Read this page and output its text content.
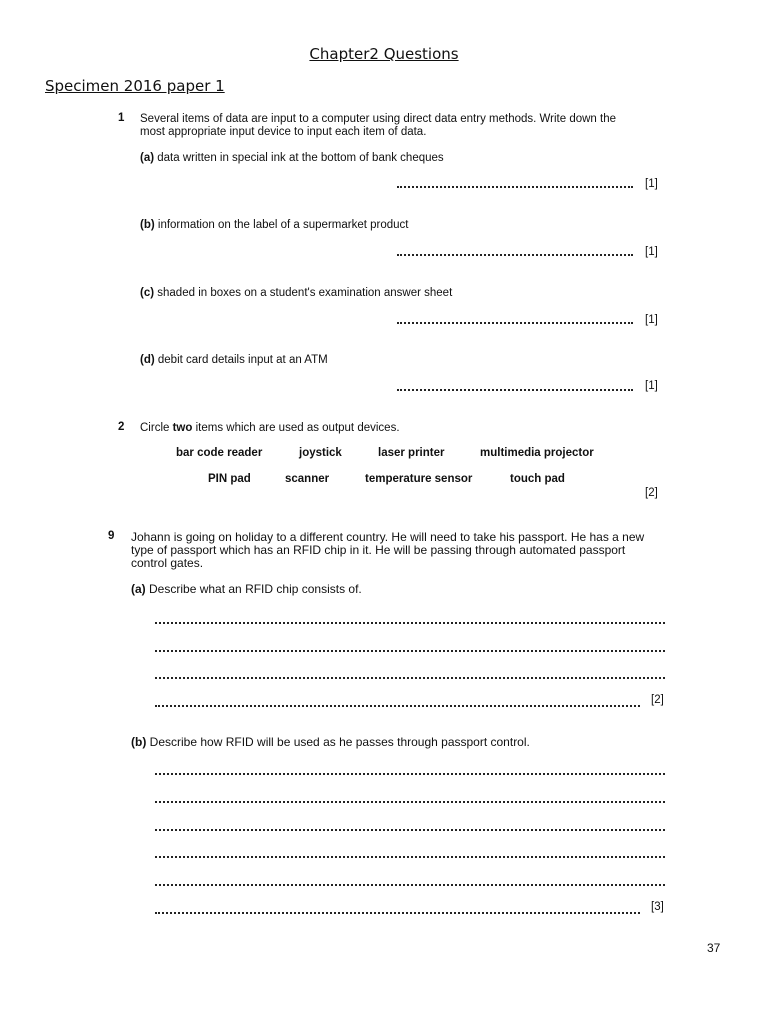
Chapter2 Questions
Specimen 2016 paper 1
1 Several items of data are input to a computer using direct data entry methods. Write down the
most appropriate input device to input each item of data.
(a) data written in special ink at the bottom of bank cheques
[1]
(b) information on the label of a supermarket product
[1]
(c) shaded in boxes on a student's examination answer sheet
[1]
(d) debit card details input at an ATM
[1]
2 Circle two items which are used as output devices.
bar code reader	joystick	laser printer	multimedia projector
PIN pad	scanner	temperature sensor	touch pad
[2]
9 Johann is going on holiday to a different country. He will need to take his passport. He has a new
type of passport which has an RFID chip in it. He will be passing through automated passport
control gates.
(a) Describe what an RFID chip consists of.
[2]
(b) Describe how RFID will be used as he passes through passport control.
[3]
37
